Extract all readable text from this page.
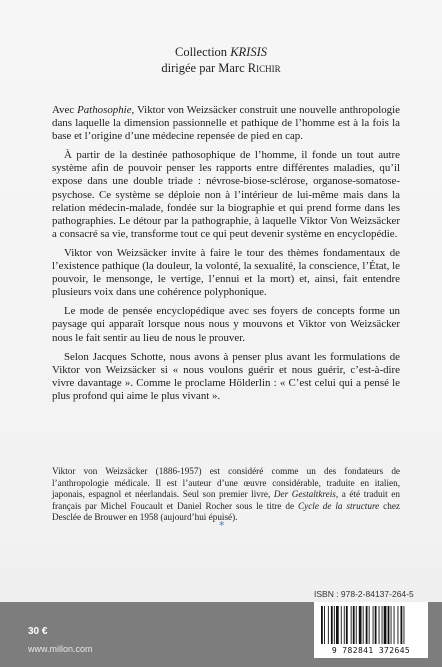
Collection KRISIS
dirigée par Marc Richir

Avec Pathosophie, Viktor von Weizsäcker construit une nouvelle anthropologie dans laquelle la dimension passionnelle et pathique de l’homme est à la fois la base et l’origine d’une médecine repensée de pied en cap.

À partir de la destinée pathosophique de l’homme, il fonde un tout autre système afin de pouvoir penser les rapports entre différentes maladies, qu’il expose dans une double triade : névrose-biose-sclérose, organose-somatose-psychose. Ce système se déploie non à l’intérieur de lui-même mais dans la relation médecin-malade, fondée sur la biographie et qui prend forme dans les pathographies. Le détour par la pathographie, à laquelle Viktor Von Weizsäcker a consacré sa vie, transforme tout ce qui peut devenir système en encyclopédie.

Viktor von Weizsäcker invite à faire le tour des thèmes fondamentaux de l’existence pathique (la douleur, la volonté, la sexualité, la conscience, l’État, le pouvoir, le mensonge, le vertige, l’ennui et la mort) et, ainsi, fait entendre plusieurs voix dans une cohérence polyphonique.

Le mode de pensée encyclopédique avec ses foyers de concepts forme un paysage qui apparaît lorsque nous nous y mouvons et Viktor von Weizsäcker nous le fait sentir au lieu de nous le prouver.

Selon Jacques Schotte, nous avons à penser plus avant les formulations de Viktor von Weizsäcker si « nous voulons guérir et nous guérir, c’est-à-dire vivre davantage ». Comme le proclame Hölderlin : « C’est celui qui a pensé le plus profond qui aime le plus vivant ».

Viktor von Weizsäcker (1886-1957) est considéré comme un des fondateurs de l’anthropologie médicale. Il est l’auteur d’une œuvre considérable, traduite en italien, japonais, espagnol et néerlandais. Seul son premier livre, Der Gestaltkreis, a été traduit en français par Michel Foucault et Daniel Rocher sous le titre de Cycle de la structure chez Desclée de Brouwer en 1958 (aujourd’hui épuisé).

*
ISBN : 978-2-84137-264-5
30 €
www.millon.com	9 782841 372645
